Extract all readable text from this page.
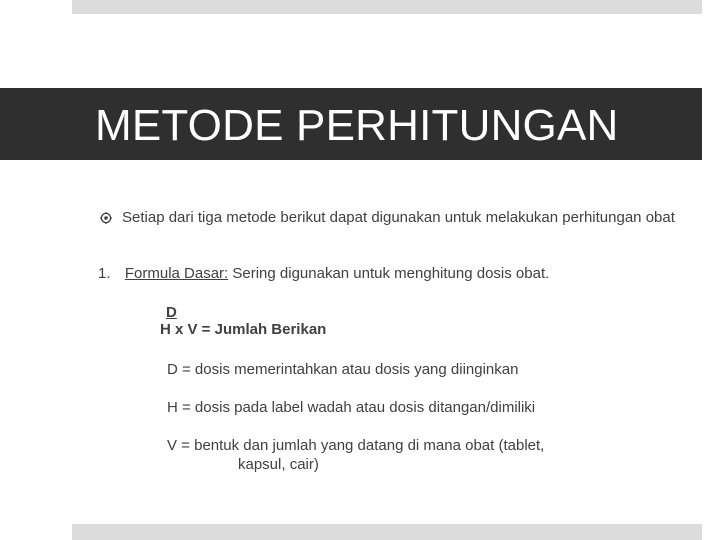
METODE PERHITUNGAN
Setiap dari tiga metode berikut dapat digunakan untuk melakukan perhitungan obat
1. Formula Dasar: Sering digunakan untuk menghitung dosis obat.
D
H x V = Jumlah Berikan
D = dosis memerintahkan atau dosis yang diinginkan
H = dosis pada label wadah atau dosis ditangan/dimiliki
V = bentuk dan jumlah yang datang di mana obat (tablet,
kapsul, cair)
